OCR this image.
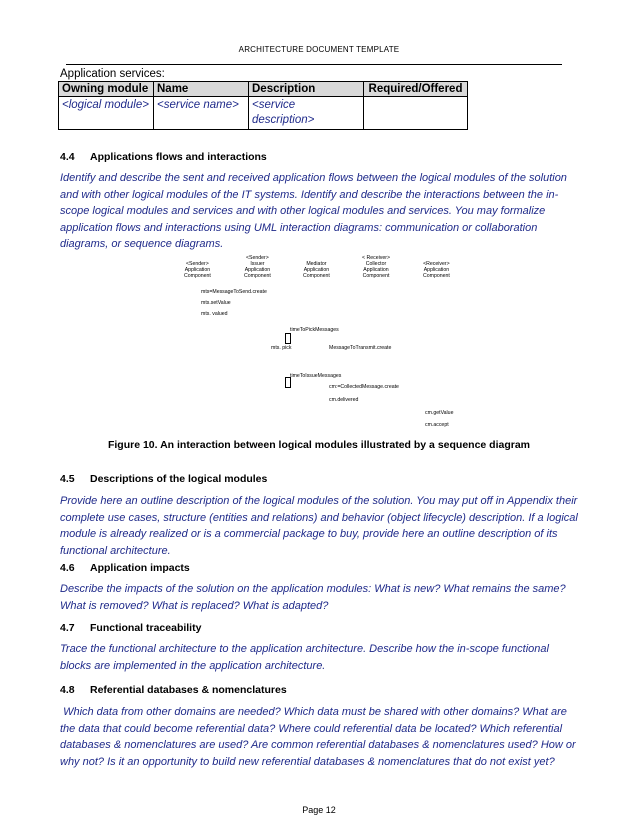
ARCHITECTURE DOCUMENT TEMPLATE
Application services:
Owning module	Name	Description	Required/Offered
<logical module>	<service name>	<service description>	
4.4 Applications flows and interactions
Identify and describe the sent and received application flows between the logical modules of the solution and with other logical modules of the IT systems. Identify and describe the interactions between the in-scope logical modules and services and with other logical modules and services. You may formalize application flows and interactions using UML interaction diagrams: communication or collaboration diagrams, or sequence diagrams.
<Sender>
Application
Component
<Sender>
Issuer
Application
Component
Mediator
Application
Component
< Receiver>
Collector
Application
Component
<Receiver>
Application
Component
mts=MessageToSend.create
mts.setValue
mts. valued
timeToPickMessages
mts. pick	MessageToTransmit.create
timeToIssueMessages
cm:=CollectedMessage.create
cm.delivered
cm.getValue
cm.accept
Figure 10. An interaction between logical modules illustrated by a sequence diagram
4.5 Descriptions of the logical modules
Provide here an outline description of the logical modules of the solution. You may put off in Appendix their complete use cases, structure (entities and relations) and behavior (object lifecycle) description. If a logical module is already realized or is a commercial package to buy, provide here an outline description of its functional architecture.
4.6 Application impacts
Describe the impacts of the solution on the application modules: What is new? What remains the same? What is removed? What is replaced? What is adapted?
4.7 Functional traceability
Trace the functional architecture to the application architecture. Describe how the in-scope functional blocks are implemented in the application architecture.
4.8 Referential databases & nomenclatures
Which data from other domains are needed? Which data must be shared with other domains? What are the data that could become referential data? Where could referential data be located? Which referential databases & nomenclatures are used? Are common referential databases & nomenclatures used? How or why not? Is it an opportunity to build new referential databases & nomenclatures that do not exist yet?
Page 12
